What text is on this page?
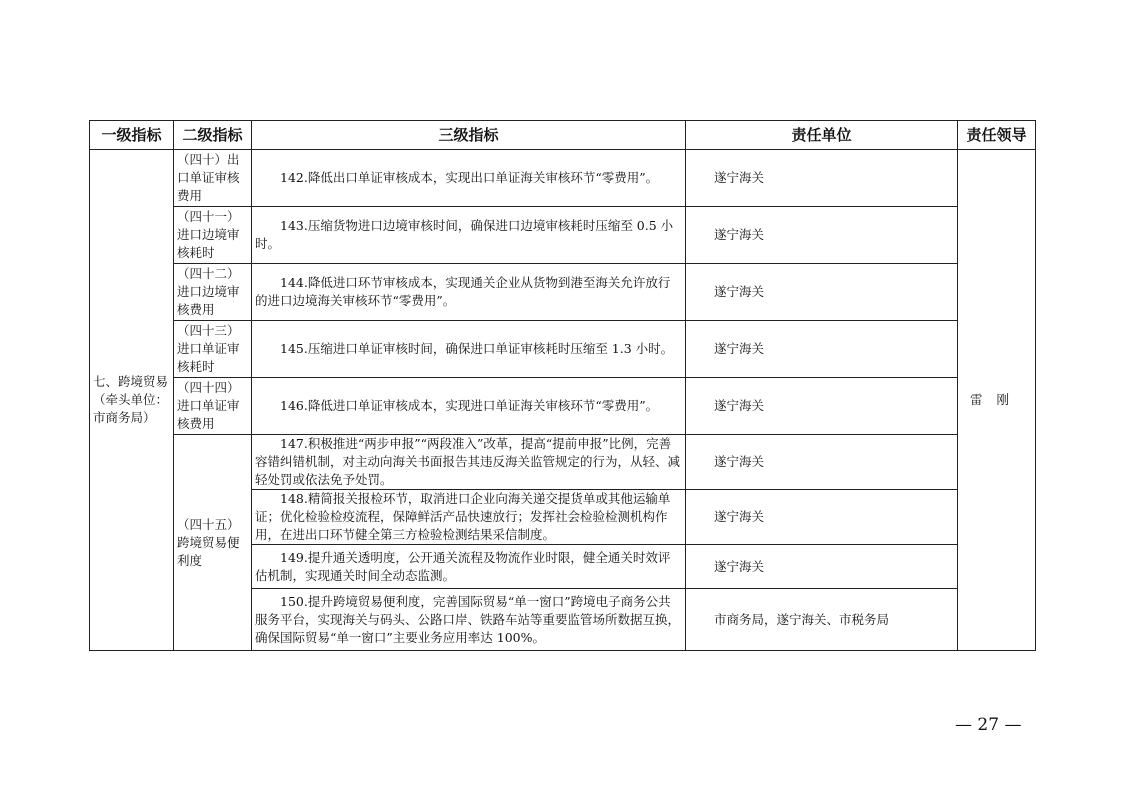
一级指标	二级指标	三级指标	责任单位	责任领导
七、跨境贸易（牵头单位：市商务局）	（四十）出口单证审核费用	142.降低出口单证审核成本，实现出口单证海关审核环节“零费用”。	遂宁海关	雷刚
	（四十一）进口边境审核耗时	143.压缩货物进口边境审核时间，确保进口边境审核耗时压缩至 0.5 小时。	遂宁海关	
	（四十二）进口边境审核费用	144.降低进口环节审核成本，实现通关企业从货物到港至海关允许放行的进口边境海关审核环节“零费用”。	遂宁海关	
	（四十三）进口单证审核耗时	145.压缩进口单证审核时间，确保进口单证审核耗时压缩至 1.3 小时。	遂宁海关	
	（四十四）进口单证审核费用	146.降低进口单证审核成本，实现进口单证海关审核环节“零费用”。	遂宁海关	
	（四十五）跨境贸易便利度	147.积极推进“两步申报”“两段准入”改革，提高“提前申报”比例，完善容错纠错机制，对主动向海关书面报告其违反海关监管规定的行为，从轻、减轻处罚或依法免予处罚。	遂宁海关	
		148.精简报关报检环节，取消进口企业向海关递交提货单或其他运输单证；优化检验检疫流程，保障鲜活产品快速放行；发挥社会检验检测机构作用，在进出口环节健全第三方检验检测结果采信制度。	遂宁海关	
		149.提升通关透明度，公开通关流程及物流作业时限，健全通关时效评估机制，实现通关时间全动态监测。	遂宁海关	
		150.提升跨境贸易便利度，完善国际贸易“单一窗口”跨境电子商务公共服务平台，实现海关与码头、公路口岸、铁路车站等重要监管场所数据互换，确保国际贸易“单一窗口”主要业务应用率达 100%。	市商务局，遂宁海关、市税务局	
— 27 —
